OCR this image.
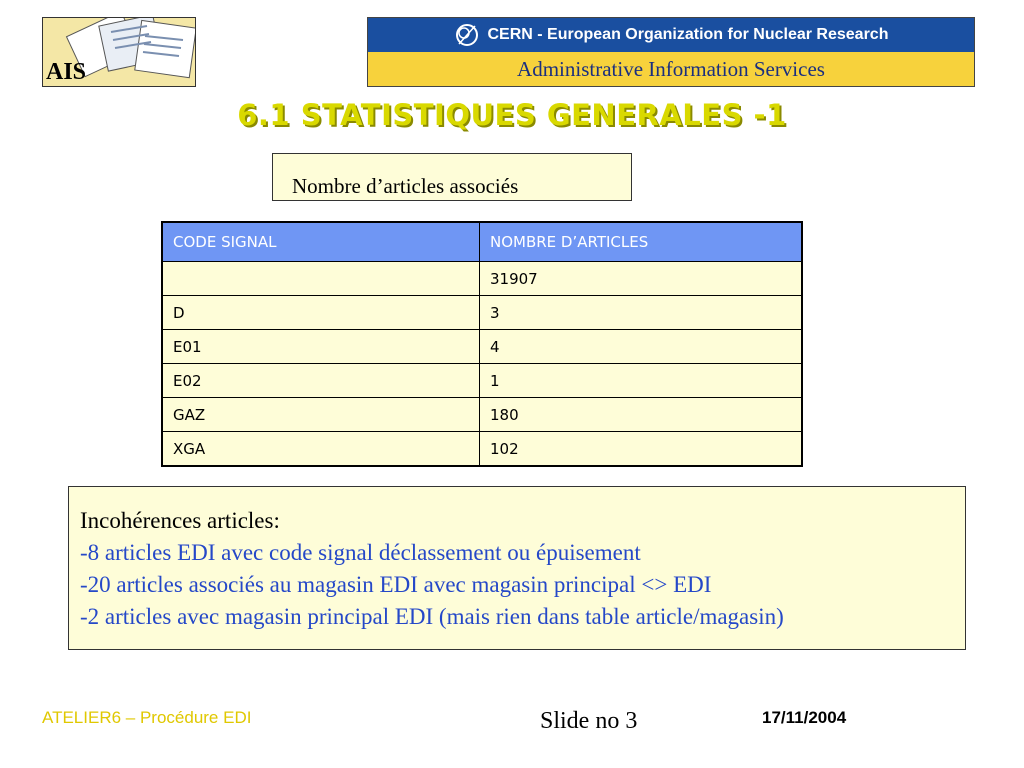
AIS
CERN - European Organization for Nuclear Research
Administrative Information Services
6.1 STATISTIQUES GENERALES -1
Nombre d’articles associés
CODE SIGNAL	NOMBRE D’ARTICLES
	31907
D	3
E01	4
E02	1
GAZ	180
XGA	102
Incohérences articles:
-8 articles EDI avec code signal déclassement ou épuisement
-20 articles associés au magasin EDI avec magasin principal <> EDI
-2 articles avec magasin principal EDI (mais rien dans table article/magasin)
ATELIER6 – Procédure EDI	Slide no 3	17/11/2004
